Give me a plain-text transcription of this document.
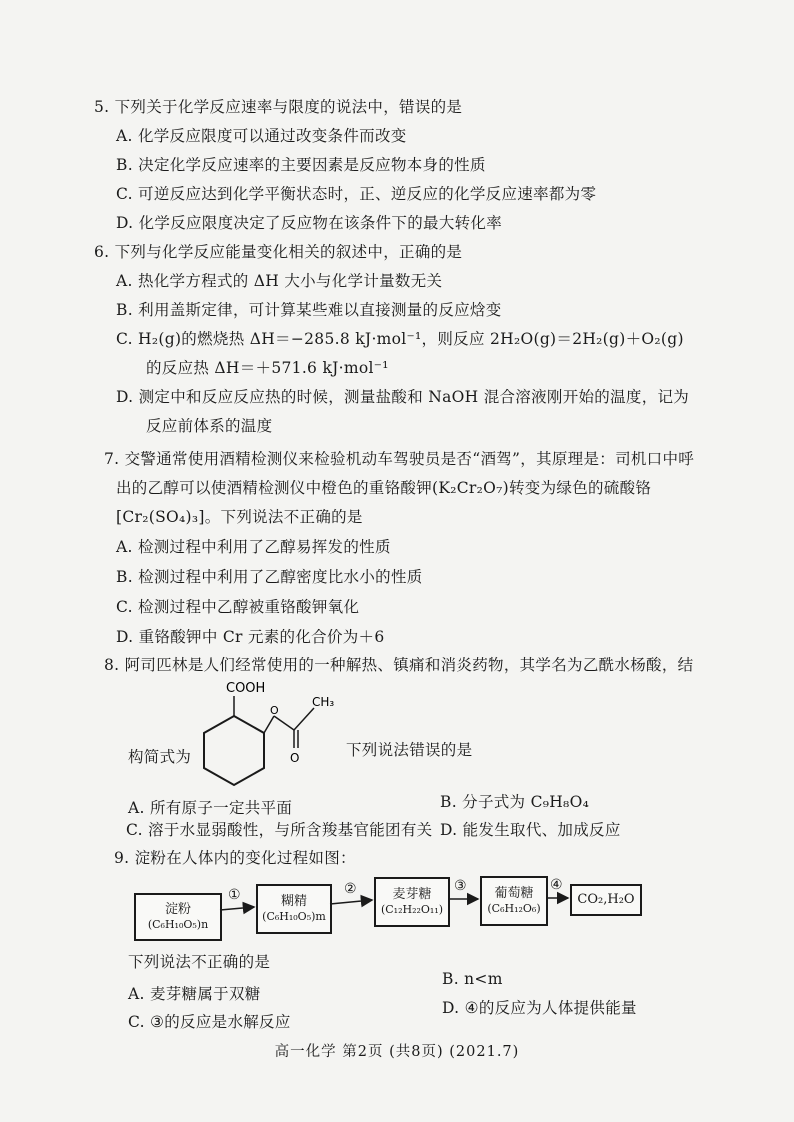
5. 下列关于化学反应速率与限度的说法中，错误的是
A. 化学反应限度可以通过改变条件而改变
B. 决定化学反应速率的主要因素是反应物本身的性质
C. 可逆反应达到化学平衡状态时，正、逆反应的化学反应速率都为零
D. 化学反应限度决定了反应物在该条件下的最大转化率
6. 下列与化学反应能量变化相关的叙述中，正确的是
A. 热化学方程式的 ΔH 大小与化学计量数无关
B. 利用盖斯定律，可计算某些难以直接测量的反应焓变
C. H₂(g)的燃烧热 ΔH＝−285.8 kJ·mol⁻¹，则反应 2H₂O(g)＝2H₂(g)＋O₂(g)
的反应热 ΔH＝＋571.6 kJ·mol⁻¹
D. 测定中和反应反应热的时候，测量盐酸和 NaOH 混合溶液刚开始的温度，记为
反应前体系的温度
7. 交警通常使用酒精检测仪来检验机动车驾驶员是否“酒驾”，其原理是：司机口中呼
出的乙醇可以使酒精检测仪中橙色的重铬酸钾(K₂Cr₂O₇)转变为绿色的硫酸铬
[Cr₂(SO₄)₃]。下列说法不正确的是
A. 检测过程中利用了乙醇易挥发的性质
B. 检测过程中利用了乙醇密度比水小的性质
C. 检测过程中乙醇被重铬酸钾氧化
D. 重铬酸钾中 Cr 元素的化合价为＋6
8. 阿司匹林是人们经常使用的一种解热、镇痛和消炎药物，其学名为乙酰水杨酸，结
COOH
O
CH₃
O
构简式为	下列说法错误的是
A. 所有原子一定共平面	B. 分子式为 C₉H₈O₄
C. 溶于水显弱酸性，与所含羧基官能团有关 D. 能发生取代、加成反应
9. 淀粉在人体内的变化过程如图：
淀粉
(C₆H₁₀O₅)n
糊精
(C₆H₁₀O₅)m
麦芽糖
(C₁₂H₂₂O₁₁)
葡萄糖
(C₆H₁₂O₆)
CO₂,H₂O
①	②	③	④
下列说法不正确的是
B. n<m
A. 麦芽糖属于双糖
D. ④的反应为人体提供能量
C. ③的反应是水解反应
高一化学 第2页 (共8页) (2021.7)
